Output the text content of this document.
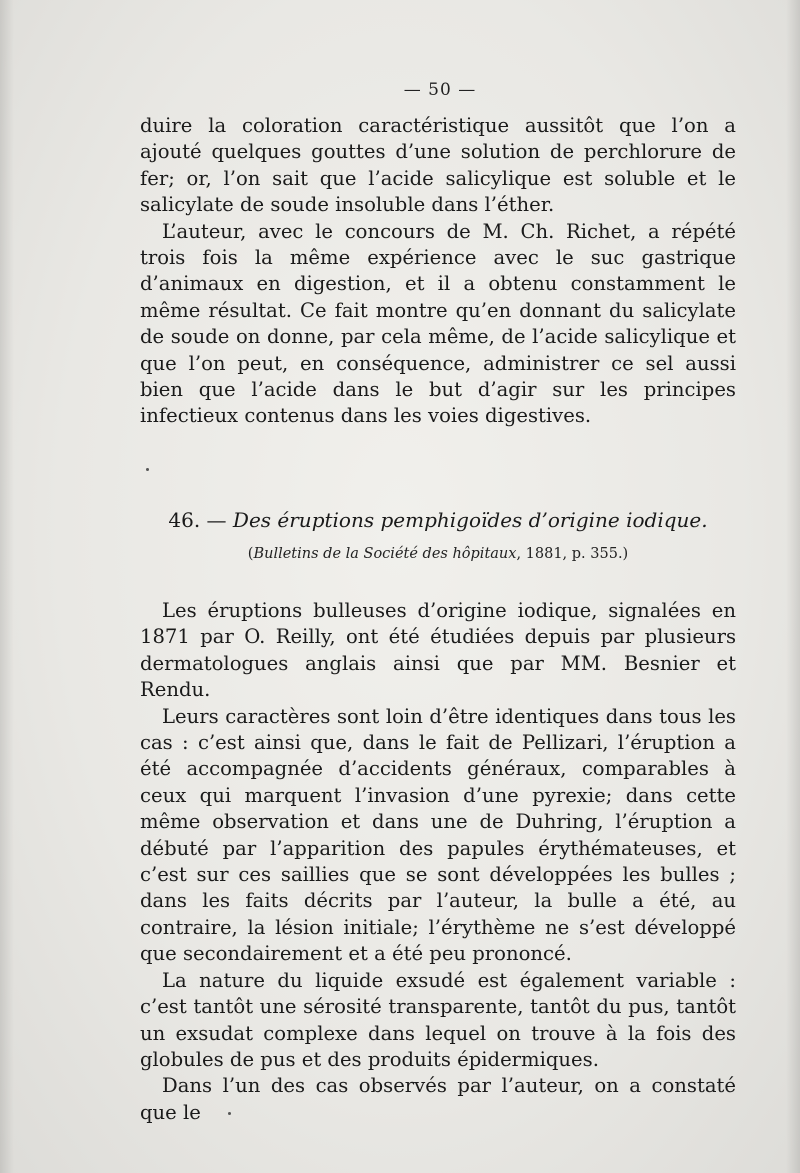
— 50 —

duire la coloration caractéristique aussitôt que l’on a ajouté quelques gouttes d’une solution de perchlorure de fer; or, l’on sait que l’acide salicylique est soluble et le salicylate de soude insoluble dans l’éther.

L’auteur, avec le concours de M. Ch. Richet, a répété trois fois la même expérience avec le suc gastrique d’animaux en digestion, et il a obtenu constamment le même résultat. Ce fait montre qu’en donnant du salicylate de soude on donne, par cela même, de l’acide salicylique et que l’on peut, en conséquence, administrer ce sel aussi bien que l’acide dans le but d’agir sur les principes infectieux contenus dans les voies digestives.

46. — Des éruptions pemphigoïdes d’origine iodique.
(Bulletins de la Société des hôpitaux, 1881, p. 355.)

Les éruptions bulleuses d’origine iodique, signalées en 1871 par O. Reilly, ont été étudiées depuis par plusieurs dermatologues anglais ainsi que par MM. Besnier et Rendu.

Leurs caractères sont loin d’être identiques dans tous les cas : c’est ainsi que, dans le fait de Pellizari, l’éruption a été accompagnée d’accidents généraux, comparables à ceux qui marquent l’invasion d’une pyrexie; dans cette même observation et dans une de Duhring, l’éruption a débuté par l’apparition des papules érythémateuses, et c’est sur ces saillies que se sont développées les bulles ; dans les faits décrits par l’auteur, la bulle a été, au contraire, la lésion initiale; l’érythème ne s’est développé que secondairement et a été peu prononcé.

La nature du liquide exsudé est également variable : c’est tantôt une sérosité transparente, tantôt du pus, tantôt un exsudat complexe dans lequel on trouve à la fois des globules de pus et des produits épidermiques.

Dans l’un des cas observés par l’auteur, on a constaté que le
